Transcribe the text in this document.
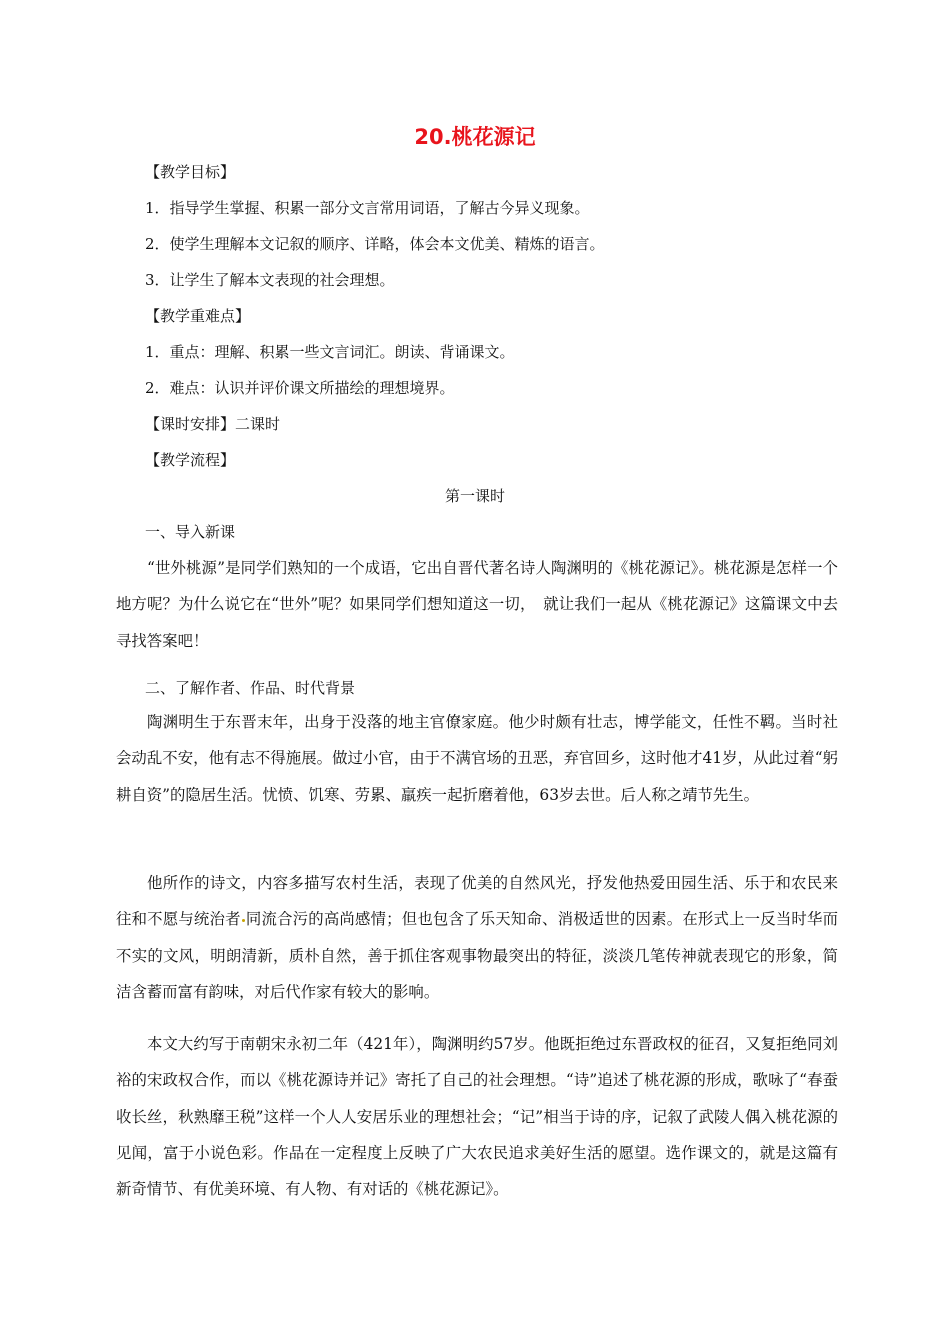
20.桃花源记
【教学目标】
1．指导学生掌握、积累一部分文言常用词语，了解古今异义现象。
2．使学生理解本文记叙的顺序、详略，体会本文优美、精炼的语言。
3．让学生了解本文表现的社会理想。
【教学重难点】
1．重点：理解、积累一些文言词汇。朗读、背诵课文。
2．难点：认识并评价课文所描绘的理想境界。
【课时安排】二课时
【教学流程】
第一课时
一、导入新课

“世外桃源”是同学们熟知的一个成语，它出自晋代著名诗人陶渊明的《桃花源记》。桃花源是怎样一个地方呢？为什么说它在“世外”呢？如果同学们想知道这一切，　就让我们一起从《桃花源记》这篇课文中去寻找答案吧！

二、了解作者、作品、时代背景

陶渊明生于东晋末年，出身于没落的地主官僚家庭。他少时颇有壮志，博学能文，任性不羁。当时社会动乱不安，他有志不得施展。做过小官，由于不满官场的丑恶，弃官回乡，这时他才41岁，从此过着“躬耕自资”的隐居生活。忧愤、饥寒、劳累、羸疾一起折磨着他，63岁去世。后人称之靖节先生。

他所作的诗文，内容多描写农村生活，表现了优美的自然风光，抒发他热爱田园生活、乐于和农民来往和不愿与统治者 同流合污的高尚感情；但也包含了乐天知命、消极适世的因素。在形式上一反当时华而不实的文风，明朗清新，质朴自然，善于抓住客观事物最突出的特征，淡淡几笔传神就表现它的形象，简洁含蓄而富有韵味，对后代作家有较大的影响。

本文大约写于南朝宋永初二年（421年），陶渊明约57岁。他既拒绝过东晋政权的征召，又复拒绝同刘裕的宋政权合作，而以《桃花源诗并记》寄托了自己的社会理想。“诗”追述了桃花源的形成，歌咏了“春蚕收长丝，秋熟靡王税”这样一个人人安居乐业的理想社会；“记”相当于诗的序，记叙了武陵人偶入桃花源的见闻，富于小说色彩。作品在一定程度上反映了广大农民追求美好生活的愿望。选作课文的，就是这篇有新奇情节、有优美环境、有人物、有对话的《桃花源记》。
